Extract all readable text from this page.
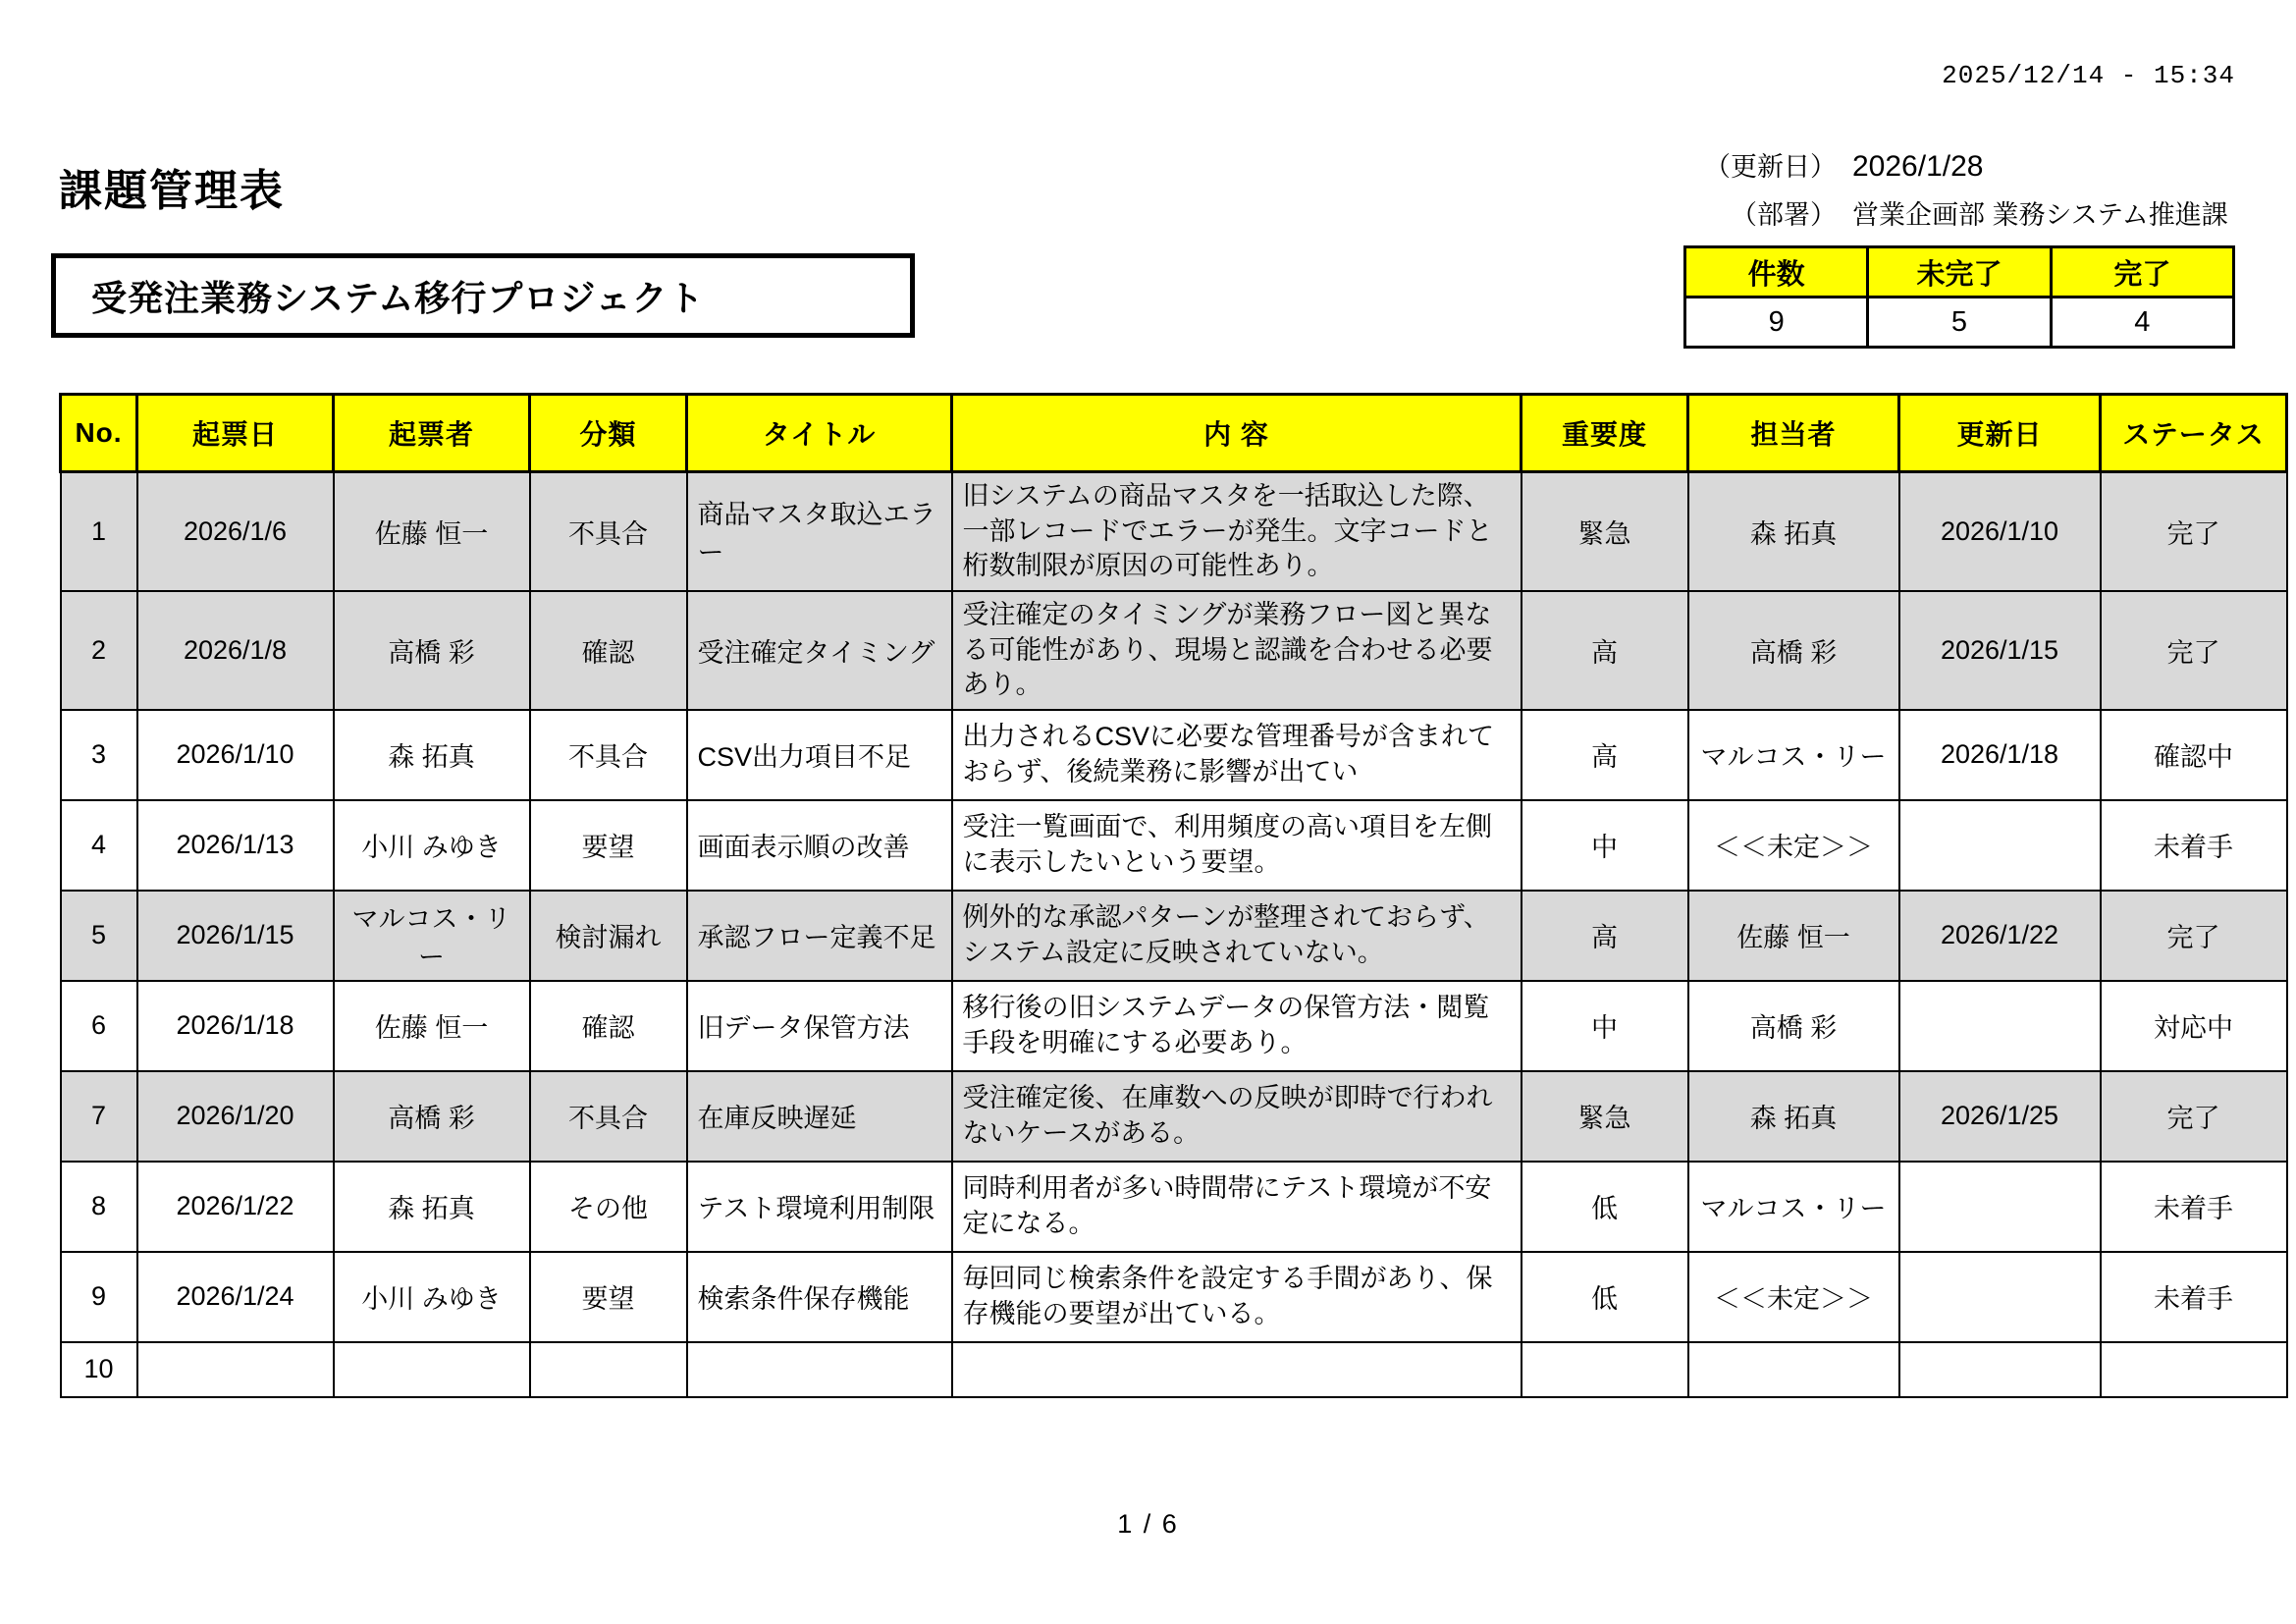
2025/12/14 - 15:34
課題管理表
受発注業務システム移行プロジェクト
（更新日） 2026/1/28
（部署） 営業企画部 業務システム推進課
件数	未完了	完了
9	5	4
No.	起票日	起票者	分類	タイトル	内 容	重要度	担当者	更新日	ステータス
1	2026/1/6	佐藤 恒一	不具合	商品マスタ取込エラー	旧システムの商品マスタを一括取込した際、一部レコードでエラーが発生。文字コードと桁数制限が原因の可能性あり。	緊急	森 拓真	2026/1/10	完了
2	2026/1/8	高橋 彩	確認	受注確定タイミング	受注確定のタイミングが業務フロー図と異なる可能性があり、現場と認識を合わせる必要あり。	高	高橋 彩	2026/1/15	完了
3	2026/1/10	森 拓真	不具合	CSV出力項目不足	出力されるCSVに必要な管理番号が含まれておらず、後続業務に影響が出てい	高	マルコス・リー	2026/1/18	確認中
4	2026/1/13	小川 みゆき	要望	画面表示順の改善	受注一覧画面で、利用頻度の高い項目を左側に表示したいという要望。	中	＜＜未定＞＞		未着手
5	2026/1/15	マルコス・リー	検討漏れ	承認フロー定義不足	例外的な承認パターンが整理されておらず、システム設定に反映されていない。	高	佐藤 恒一	2026/1/22	完了
6	2026/1/18	佐藤 恒一	確認	旧データ保管方法	移行後の旧システムデータの保管方法・閲覧手段を明確にする必要あり。	中	高橋 彩		対応中
7	2026/1/20	高橋 彩	不具合	在庫反映遅延	受注確定後、在庫数への反映が即時で行われないケースがある。	緊急	森 拓真	2026/1/25	完了
8	2026/1/22	森 拓真	その他	テスト環境利用制限	同時利用者が多い時間帯にテスト環境が不安定になる。	低	マルコス・リー		未着手
9	2026/1/24	小川 みゆき	要望	検索条件保存機能	毎回同じ検索条件を設定する手間があり、保存機能の要望が出ている。	低	＜＜未定＞＞		未着手
10									
1 / 6
